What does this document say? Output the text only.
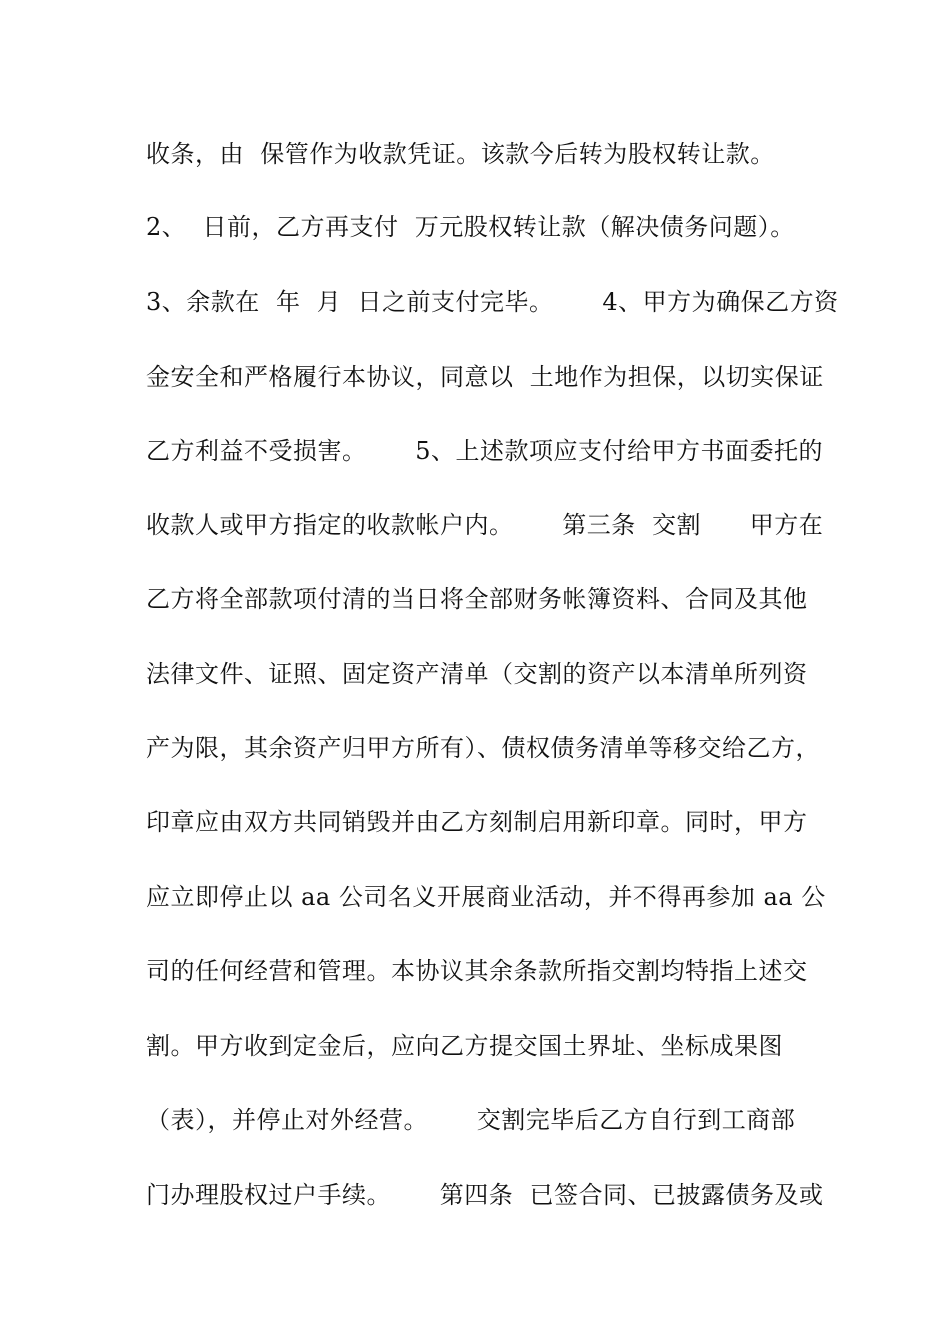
收条，由  保管作为收款凭证。该款今后转为股权转让款。
2、  日前，乙方再支付  万元股权转让款（解决债务问题）。
3、余款在  年  月  日之前支付完毕。      4、甲方为确保乙方资
金安全和严格履行本协议，同意以  土地作为担保，以切实保证
乙方利益不受损害。      5、上述款项应支付给甲方书面委托的
收款人或甲方指定的收款帐户内。      第三条  交割      甲方在
乙方将全部款项付清的当日将全部财务帐簿资料、合同及其他
法律文件、证照、固定资产清单（交割的资产以本清单所列资
产为限，其余资产归甲方所有）、债权债务清单等移交给乙方，
印章应由双方共同销毁并由乙方刻制启用新印章。同时，甲方
应立即停止以 aa 公司名义开展商业活动，并不得再参加 aa 公
司的任何经营和管理。本协议其余条款所指交割均特指上述交
割。甲方收到定金后，应向乙方提交国土界址、坐标成果图
（表），并停止对外经营。      交割完毕后乙方自行到工商部
门办理股权过户手续。      第四条  已签合同、已披露债务及或
